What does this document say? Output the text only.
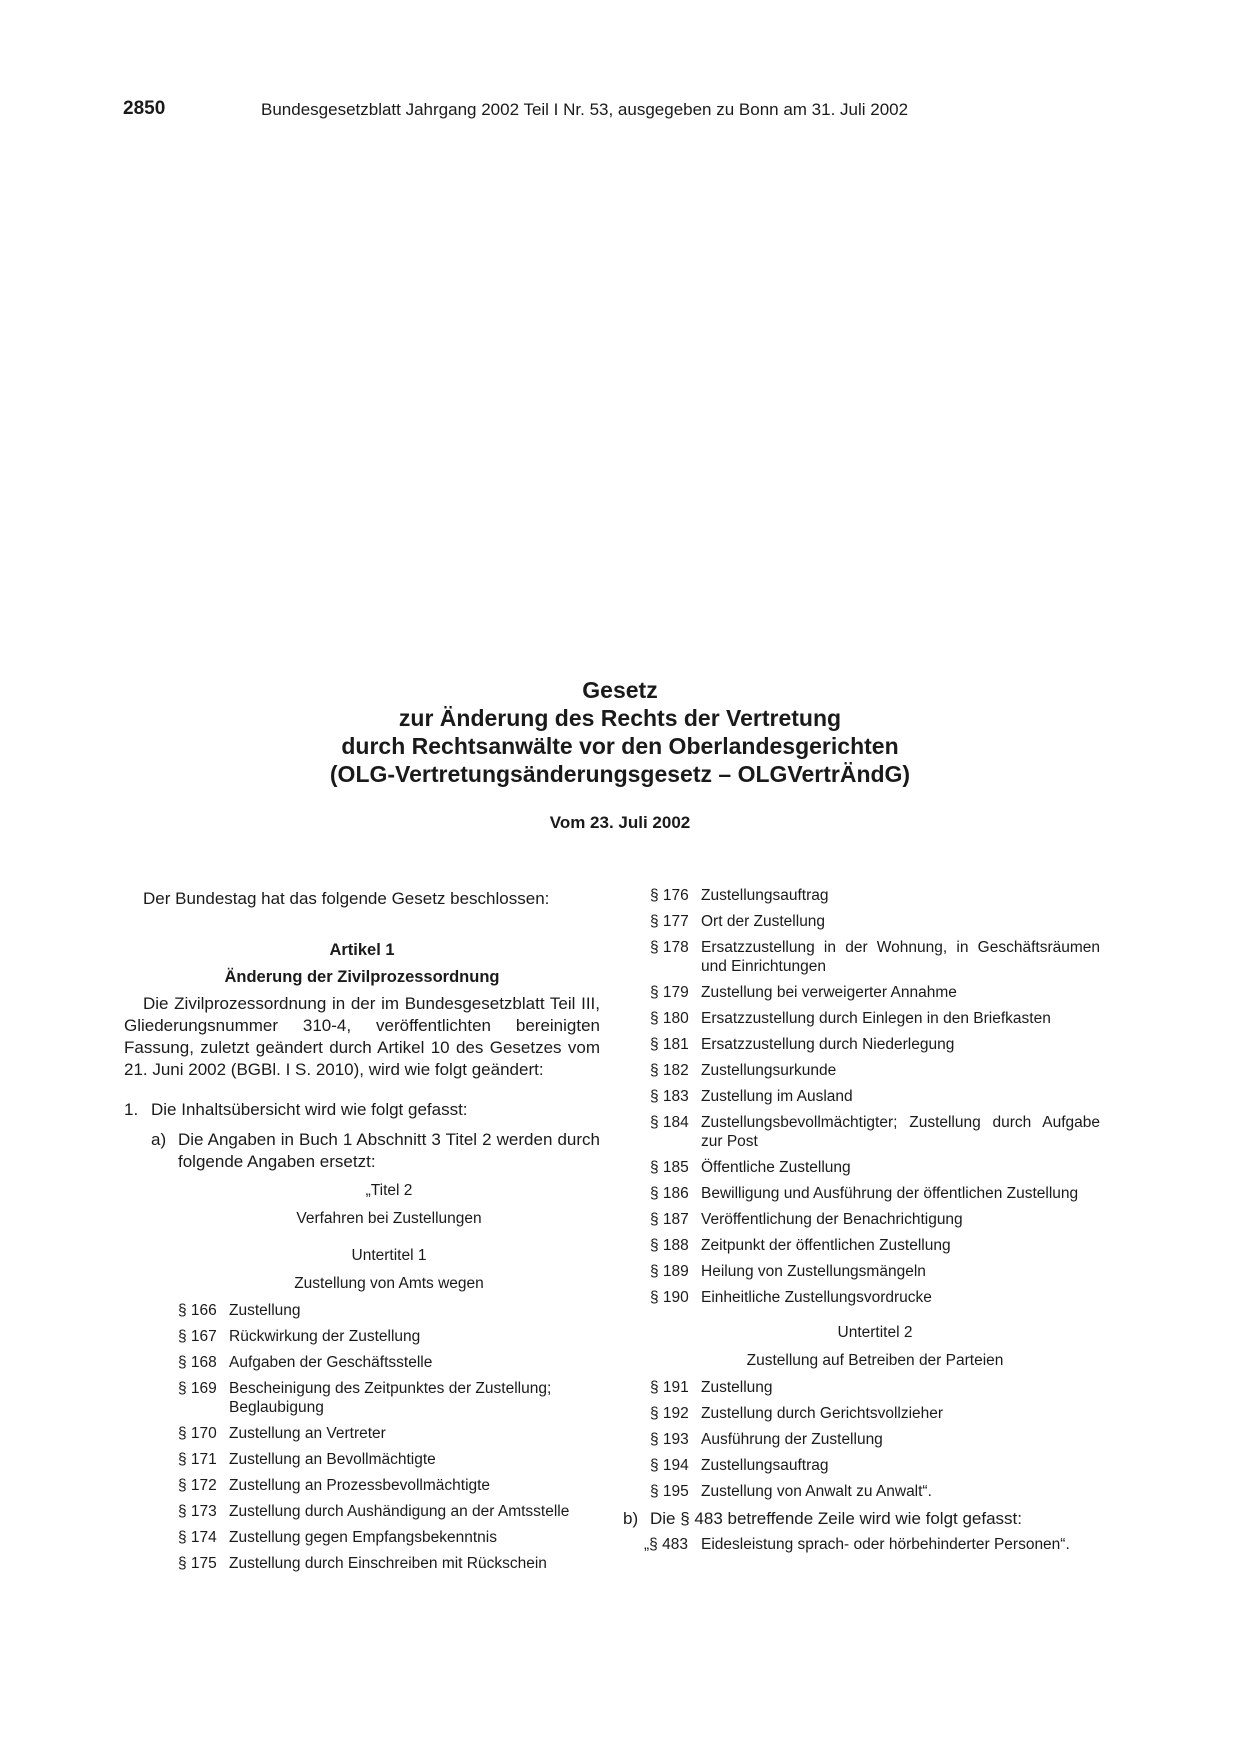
2850	Bundesgesetzblatt Jahrgang 2002 Teil I Nr. 53, ausgegeben zu Bonn am 31. Juli 2002
Gesetz
zur Änderung des Rechts der Vertretung
durch Rechtsanwälte vor den Oberlandesgerichten
(OLG-Vertretungsänderungsgesetz – OLGVertrÄndG)
Vom 23. Juli 2002

Der Bundestag hat das folgende Gesetz beschlossen:

Artikel 1

Änderung der Zivilprozessordnung

Die Zivilprozessordnung in der im Bundesgesetzblatt Teil III, Gliederungsnummer 310-4, veröffentlichten bereinigten Fassung, zuletzt geändert durch Artikel 10 des Gesetzes vom 21. Juni 2002 (BGBl. I S. 2010), wird wie folgt geändert:

1. Die Inhaltsübersicht wird wie folgt gefasst:
a) Die Angaben in Buch 1 Abschnitt 3 Titel 2 werden durch folgende Angaben ersetzt:

„Titel 2

Verfahren bei Zustellungen

Untertitel 1

Zustellung von Amts wegen

§ 166 Zustellung
§ 167 Rückwirkung der Zustellung
§ 168 Aufgaben der Geschäftsstelle
§ 169 Bescheinigung des Zeitpunktes der Zustellung; Beglaubigung
§ 170 Zustellung an Vertreter
§ 171 Zustellung an Bevollmächtigte
§ 172 Zustellung an Prozessbevollmächtigte
§ 173 Zustellung durch Aushändigung an der Amtsstelle
§ 174 Zustellung gegen Empfangsbekenntnis
§ 175 Zustellung durch Einschreiben mit Rückschein
§ 176 Zustellungsauftrag
§ 177 Ort der Zustellung
§ 178 Ersatzzustellung in der Wohnung, in Geschäftsräumen und Einrichtungen
§ 179 Zustellung bei verweigerter Annahme
§ 180 Ersatzzustellung durch Einlegen in den Briefkasten
§ 181 Ersatzzustellung durch Niederlegung
§ 182 Zustellungsurkunde
§ 183 Zustellung im Ausland
§ 184 Zustellungsbevollmächtigter; Zustellung durch Aufgabe zur Post
§ 185 Öffentliche Zustellung
§ 186 Bewilligung und Ausführung der öffentlichen Zustellung
§ 187 Veröffentlichung der Benachrichtigung
§ 188 Zeitpunkt der öffentlichen Zustellung
§ 189 Heilung von Zustellungsmängeln
§ 190 Einheitliche Zustellungsvordrucke

Untertitel 2

Zustellung auf Betreiben der Parteien

§ 191 Zustellung
§ 192 Zustellung durch Gerichtsvollzieher
§ 193 Ausführung der Zustellung
§ 194 Zustellungsauftrag
§ 195 Zustellung von Anwalt zu Anwalt“.
b) Die § 483 betreffende Zeile wird wie folgt gefasst:
„§ 483 Eidesleistung sprach- oder hörbehinderter Personen“.
